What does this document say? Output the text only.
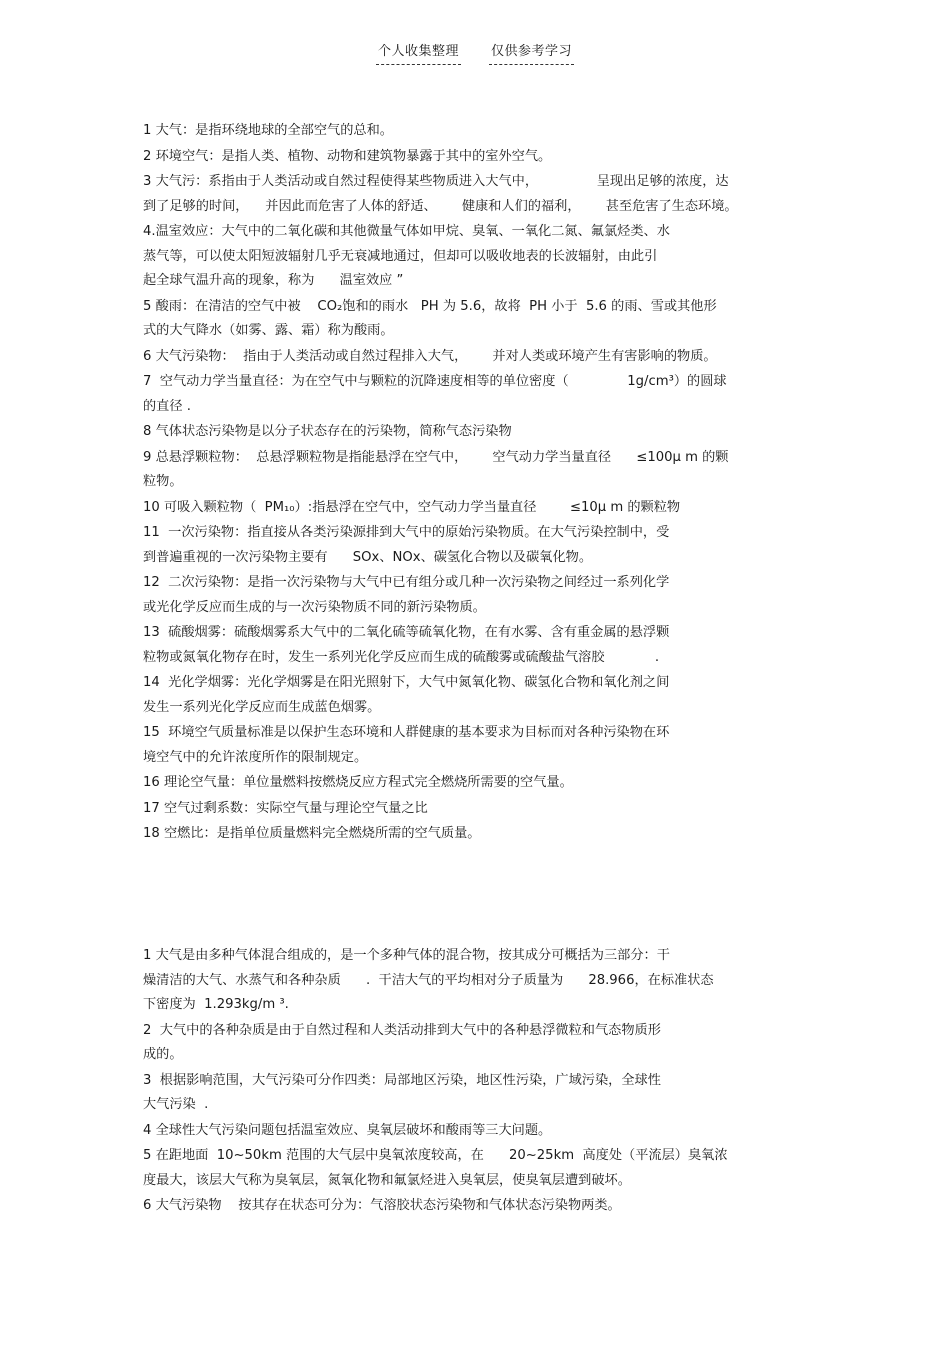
个人收集整理 仅供参考学习
1 大气：是指环绕地球的全部空气的总和。
2 环境空气：是指人类、植物、动物和建筑物暴露于其中的室外空气。
3 大气污：系指由于人类活动或自然过程使得某些物质进入大气中，              呈现出足够的浓度，达
到了足够的时间，    并因此而危害了人体的舒适、      健康和人们的福利，      甚至危害了生态环境。
4.温室效应：大气中的二氧化碳和其他微量气体如甲烷、臭氧、一氧化二氮、氟氯烃类、水
蒸气等，可以使太阳短波辐射几乎无衰减地通过，但却可以吸收地表的长波辐射，由此引
起全球气温升高的现象，称为      温室效应 ”
5 酸雨：在清洁的空气中被    CO₂饱和的雨水   PH 为 5.6，故将  PH 小于  5.6 的雨、雪或其他形
式的大气降水（如雾、露、霜）称为酸雨。
6 大气污染物：  指由于人类活动或自然过程排入大气，      并对人类或环境产生有害影响的物质。
7  空气动力学当量直径：为在空气中与颗粒的沉降速度相等的单位密度（              1g/cm³）的圆球
的直径 .
8 气体状态污染物是以分子状态存在的污染物，简称气态污染物
9 总悬浮颗粒物：  总悬浮颗粒物是指能悬浮在空气中，      空气动力学当量直径      ≤100μ m 的颗
粒物。
10 可吸入颗粒物（  PM₁₀）:指悬浮在空气中，空气动力学当量直径        ≤10μ m 的颗粒物
11  一次污染物：指直接从各类污染源排到大气中的原始污染物质。在大气污染控制中，受
到普遍重视的一次污染物主要有      SOx、NOx、碳氢化合物以及碳氧化物。
12  二次污染物：是指一次污染物与大气中已有组分或几种一次污染物之间经过一系列化学
或光化学反应而生成的与一次污染物质不同的新污染物质。
13  硫酸烟雾：硫酸烟雾系大气中的二氧化硫等硫氧化物，在有水雾、含有重金属的悬浮颗
粒物或氮氧化物存在时，发生一系列光化学反应而生成的硫酸雾或硫酸盐气溶胶            .
14  光化学烟雾：光化学烟雾是在阳光照射下，大气中氮氧化物、碳氢化合物和氧化剂之间
发生一系列光化学反应而生成蓝色烟雾。
15  环境空气质量标准是以保护生态环境和人群健康的基本要求为目标而对各种污染物在环
境空气中的允许浓度所作的限制规定。
16 理论空气量：单位量燃料按燃烧反应方程式完全燃烧所需要的空气量。
17 空气过剩系数：实际空气量与理论空气量之比
18 空燃比：是指单位质量燃料完全燃烧所需的空气质量。
1 大气是由多种气体混合组成的，是一个多种气体的混合物，按其成分可概括为三部分：干
燥清洁的大气、水蒸气和各种杂质      .  干洁大气的平均相对分子质量为      28.966，在标准状态
下密度为  1.293kg/m ³.
2  大气中的各种杂质是由于自然过程和人类活动排到大气中的各种悬浮微粒和气态物质形
成的。
3  根据影响范围，大气污染可分作四类：局部地区污染，地区性污染，广域污染，全球性
大气污染  .
4 全球性大气污染问题包括温室效应、臭氧层破坏和酸雨等三大问题。
5 在距地面  10~50km 范围的大气层中臭氧浓度较高，在      20~25km  高度处（平流层）臭氧浓
度最大，该层大气称为臭氧层，氮氧化物和氟氯烃进入臭氧层，使臭氧层遭到破坏。
6 大气污染物    按其存在状态可分为：气溶胶状态污染物和气体状态污染物两类。
